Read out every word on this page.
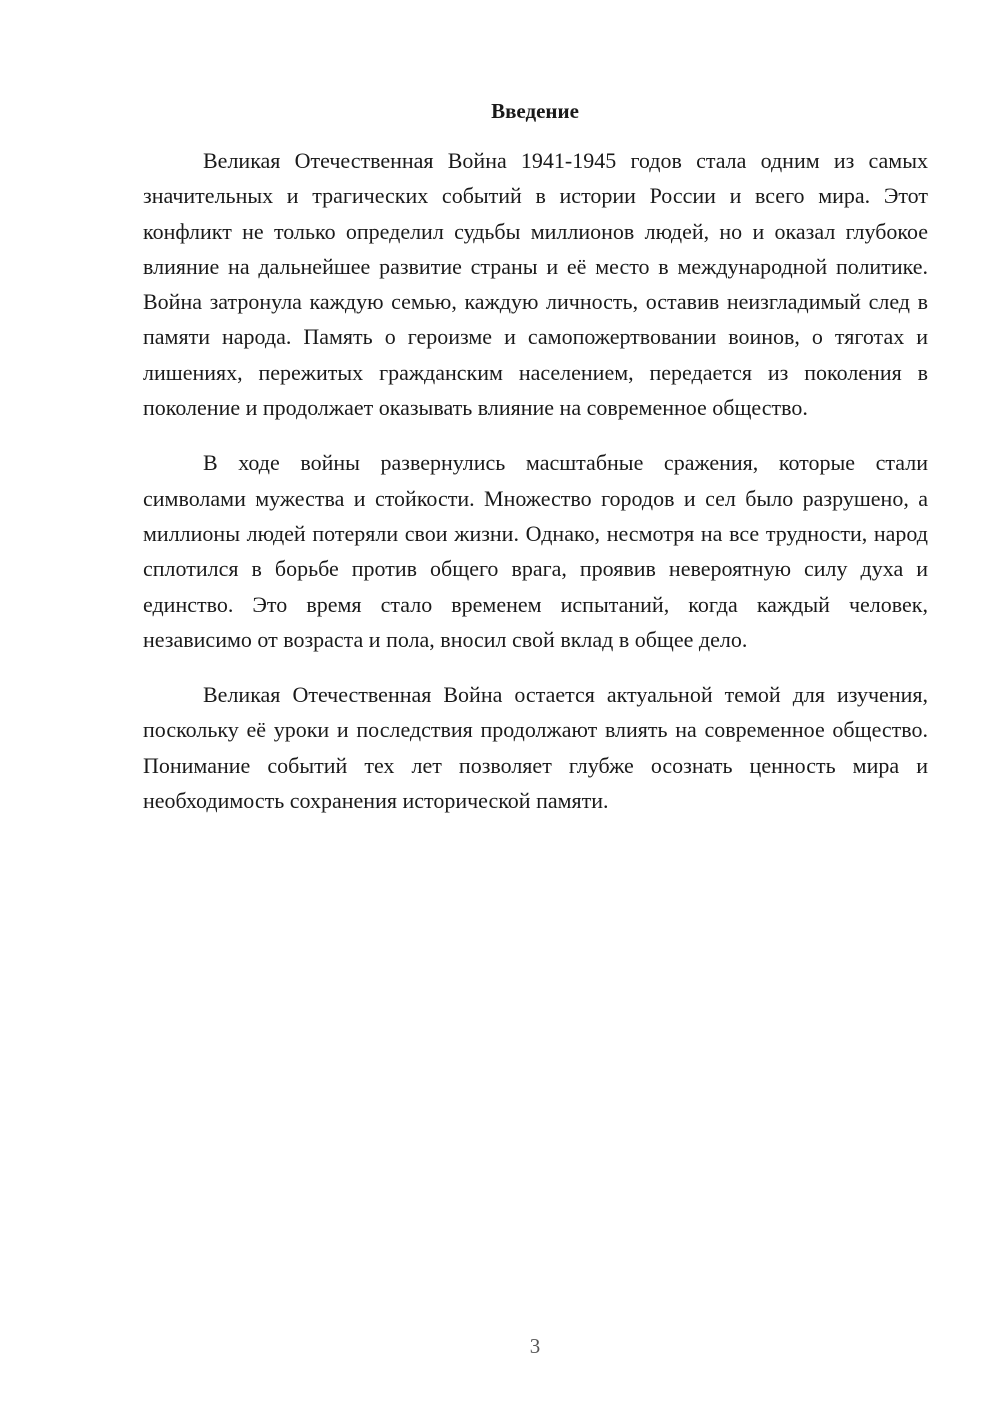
Введение

Великая Отечественная Война 1941-1945 годов стала одним из самых значительных и трагических событий в истории России и всего мира. Этот конфликт не только определил судьбы миллионов людей, но и оказал глубокое влияние на дальнейшее развитие страны и её место в международной политике. Война затронула каждую семью, каждую личность, оставив неизгладимый след в памяти народа. Память о героизме и самопожертвовании воинов, о тяготах и лишениях, пережитых гражданским населением, передается из поколения в поколение и продолжает оказывать влияние на современное общество.

В ходе войны развернулись масштабные сражения, которые стали символами мужества и стойкости. Множество городов и сел было разрушено, а миллионы людей потеряли свои жизни. Однако, несмотря на все трудности, народ сплотился в борьбе против общего врага, проявив невероятную силу духа и единство. Это время стало временем испытаний, когда каждый человек, независимо от возраста и пола, вносил свой вклад в общее дело.

Великая Отечественная Война остается актуальной темой для изучения, поскольку её уроки и последствия продолжают влиять на современное общество. Понимание событий тех лет позволяет глубже осознать ценность мира и необходимость сохранения исторической памяти.

3
